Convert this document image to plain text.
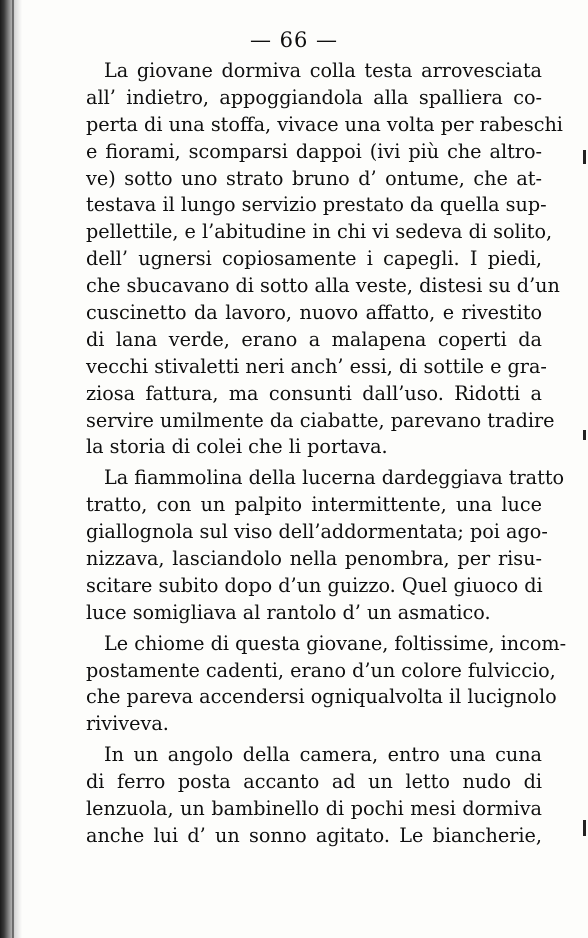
— 66 —
La giovane dormiva colla testa arrovesciata
all’ indietro, appoggiandola alla spalliera co-
perta di una stoffa, vivace una volta per rabeschi
e fiorami, scomparsi dappoi (ivi più che altro-
ve) sotto uno strato bruno d’ ontume, che at-
testava il lungo servizio prestato da quella sup-
pellettile, e l’abitudine in chi vi sedeva di solito,
dell’ ugnersi copiosamente i capegli. I piedi,
che sbucavano di sotto alla veste, distesi su d’un
cuscinetto da lavoro, nuovo affatto, e rivestito
di lana verde, erano a malapena coperti da
vecchi stivaletti neri anch’ essi, di sottile e gra-
ziosa fattura, ma consunti dall’uso. Ridotti a
servire umilmente da ciabatte, parevano tradire
la storia di colei che li portava.
La fiammolina della lucerna dardeggiava tratto
tratto, con un palpito intermittente, una luce
giallognola sul viso dell’addormentata; poi ago-
nizzava, lasciandolo nella penombra, per risu-
scitare subito dopo d’un guizzo. Quel giuoco di
luce somigliava al rantolo d’ un asmatico.
Le chiome di questa giovane, foltissime, incom-
postamente cadenti, erano d’un colore fulviccio,
che pareva accendersi ogniqualvolta il lucignolo
riviveva.
In un angolo della camera, entro una cuna
di ferro posta accanto ad un letto nudo di
lenzuola, un bambinello di pochi mesi dormiva
anche lui d’ un sonno agitato. Le biancherie,
